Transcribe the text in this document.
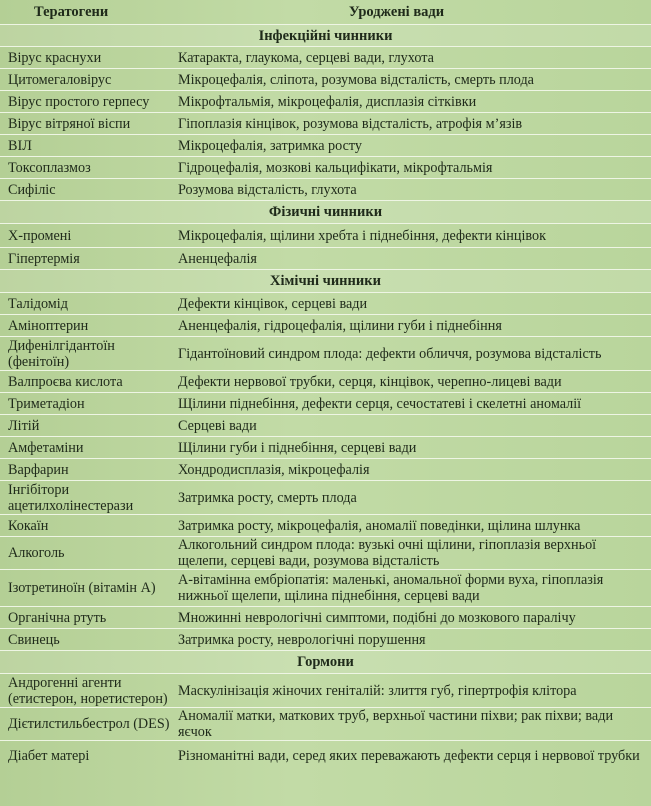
Тератогени	Уроджені вади
Інфекційні чинники	
Вірус краснухи	Катаракта, глаукома, серцеві вади, глухота
Цитомегаловірус	Мікроцефалія, сліпота, розумова відсталість, смерть плода
Вірус простого герпесу	Мікрофтальмія, мікроцефалія, дисплазія сітківки
Вірус вітряної віспи	Гіпоплазія кінцівок, розумова відсталість, атрофія м’язів
ВІЛ	Мікроцефалія, затримка росту
Токсоплазмоз	Гідроцефалія, мозкові кальцифікати, мікрофтальмія
Сифіліс	Розумова відсталість, глухота
Фізичні чинники	
Х-промені	Мікроцефалія, щілини хребта і піднебіння, дефекти кінцівок
Гіпертермія	Аненцефалія
Хімічні чинники	
Талідомід	Дефекти кінцівок, серцеві вади
Аміноптерин	Аненцефалія, гідроцефалія, щілини губи і піднебіння
Дифенілгідантоїн (фенітоїн)	Гідантоїновий синдром плода: дефекти обличчя, розумова відсталість
Валпроєва кислота	Дефекти нервової трубки, серця, кінцівок, черепно-лицеві вади
Триметадіон	Щілини піднебіння, дефекти серця, сечостатеві і скелетні аномалії
Літій	Серцеві вади
Амфетаміни	Щілини губи і піднебіння, серцеві вади
Варфарин	Хондродисплазія, мікроцефалія
Інгібітори ацетилхолінестерази	Затримка росту, смерть плода
Кокаїн	Затримка росту, мікроцефалія, аномалії поведінки, щілина шлунка
Алкоголь	Алкогольний синдром плода: вузькі очні щілини, гіпоплазія верхньої щелепи, серцеві вади, розумова відсталість
Ізотретиноїн (вітамін А)	А-вітамінна ембріопатія: маленькі, аномальної форми вуха, гіпоплазія нижньої щелепи, щілина піднебіння, серцеві вади
Органічна ртуть	Множинні неврологічні симптоми, подібні до мозкового паралічу
Свинець	Затримка росту, неврологічні порушення
Гормони	
Андрогенні агенти (етистерон, норетистерон)	Маскулінізація жіночих геніталій: злиття губ, гіпертрофія клітора
Дієтилстильбестрол (DES)	Аномалії матки, маткових труб, верхньої частини піхви; рак піхви; вади яєчок
Діабет матері	Різноманітні вади, серед яких переважають дефекти серця і нервової трубки
